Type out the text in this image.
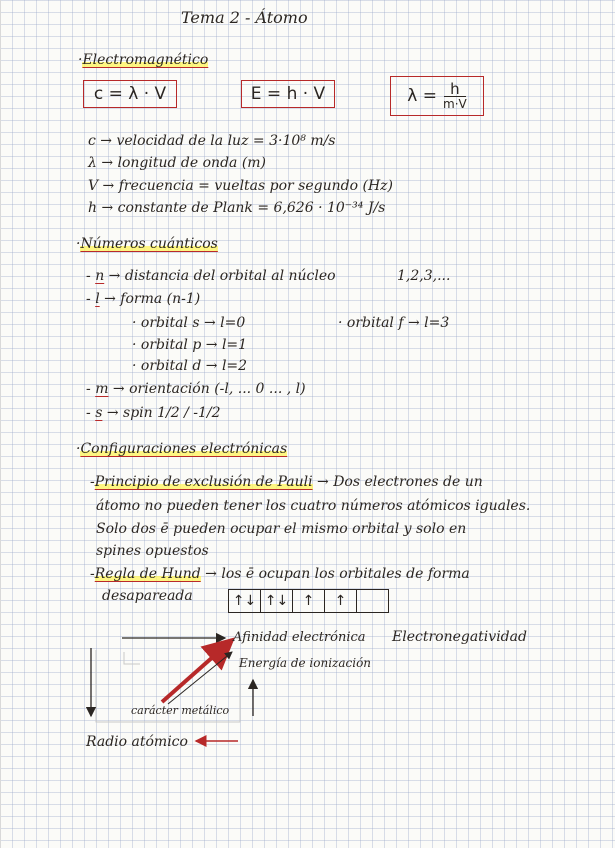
Tema 2 - Átomo
·Electromagnético
c = λ · V	E = h · V	$\lambda = \frac{h}{m\cdot V}$
c → velocidad de la luz = 3·10⁸ m/s
λ → longitud de onda (m)
V → frecuencia = vueltas por segundo (Hz)
h → constante de Plank = 6,626 · 10⁻³⁴ J/s
·Números cuánticos
- n → distancia del orbital al núcleo	1,2,3,...
- l → forma (n-1)
· orbital s → l=0
· orbital p → l=1
· orbital d → l=2
· orbital f → l=3
- m → orientación (-l, ... 0 ... , l)
- s → spin 1/2 / -1/2
·Configuraciones electrónicas
-Principio de exclusión de Pauli → Dos electrones de un
átomo no pueden tener los cuatro números atómicos iguales.
Solo dos ē pueden ocupar el mismo orbital y solo en
spines opuestos
-Regla de Hund → los ē ocupan los orbitales de forma
desapareada	↑↓ ↑↓	↑	↑
Afinidad electrónica Electronegatividad
Energía de ionización
carácter metálico
Radio atómico
